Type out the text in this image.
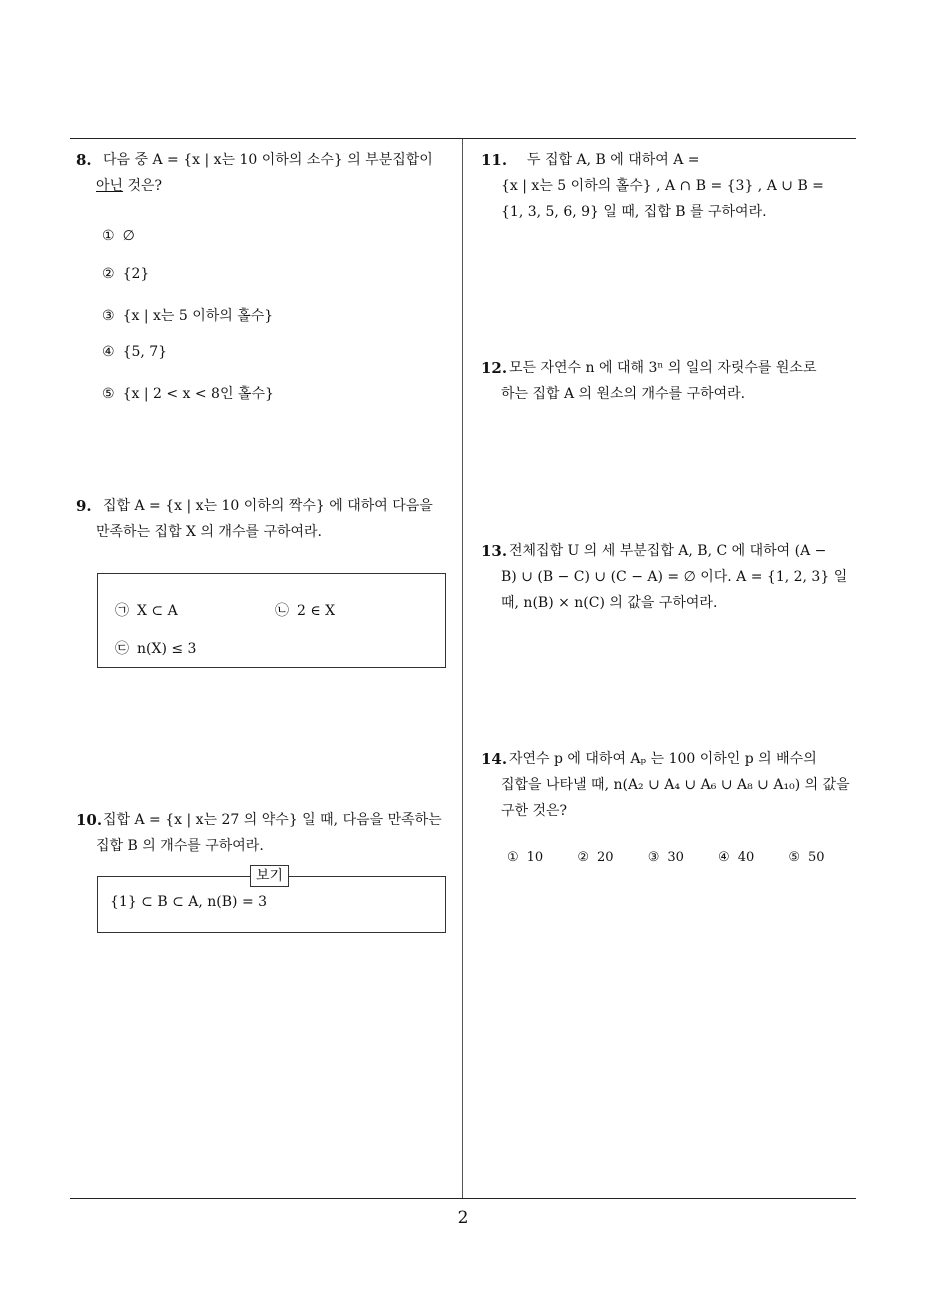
8. 다음 중 A = {x | x는 10 이하의 소수} 의 부분집합이
아닌 것은?
① ∅
② {2}
③ {x | x는 5 이하의 홀수}
④ {5, 7}
⑤ {x | 2 < x < 8인 홀수}
9. 집합 A = {x | x는 10 이하의 짝수} 에 대하여 다음을
만족하는 집합 X 의 개수를 구하여라.
㉠ X ⊂ A	㉡ 2 ∈ X
㉢ n(X) ≤ 3
10. 집합 A = {x | x는 27 의 약수} 일 때, 다음을 만족하는
집합 B 의 개수를 구하여라.
{1} ⊂ B ⊂ A, n(B) = 3
보기
11. 두 집합 A, B 에 대하여 A =
{x | x는 5 이하의 홀수} , A ∩ B = {3} , A ∪ B =
{1, 3, 5, 6, 9} 일 때, 집합 B 를 구하여라.
12. 모든 자연수 n 에 대해 3ⁿ 의 일의 자릿수를 원소로
하는 집합 A 의 원소의 개수를 구하여라.
13. 전체집합 U 의 세 부분집합 A, B, C 에 대하여 (A −
B) ∪ (B − C) ∪ (C − A) = ∅ 이다. A = {1, 2, 3} 일
때, n(B) × n(C) 의 값을 구하여라.
14. 자연수 p 에 대하여 Aₚ 는 100 이하인 p 의 배수의
집합을 나타낼 때, n(A₂ ∪ A₄ ∪ A₆ ∪ A₈ ∪ A₁₀) 의 값을
구한 것은?
① 10	② 20	③ 30	④ 40	⑤ 50
2
